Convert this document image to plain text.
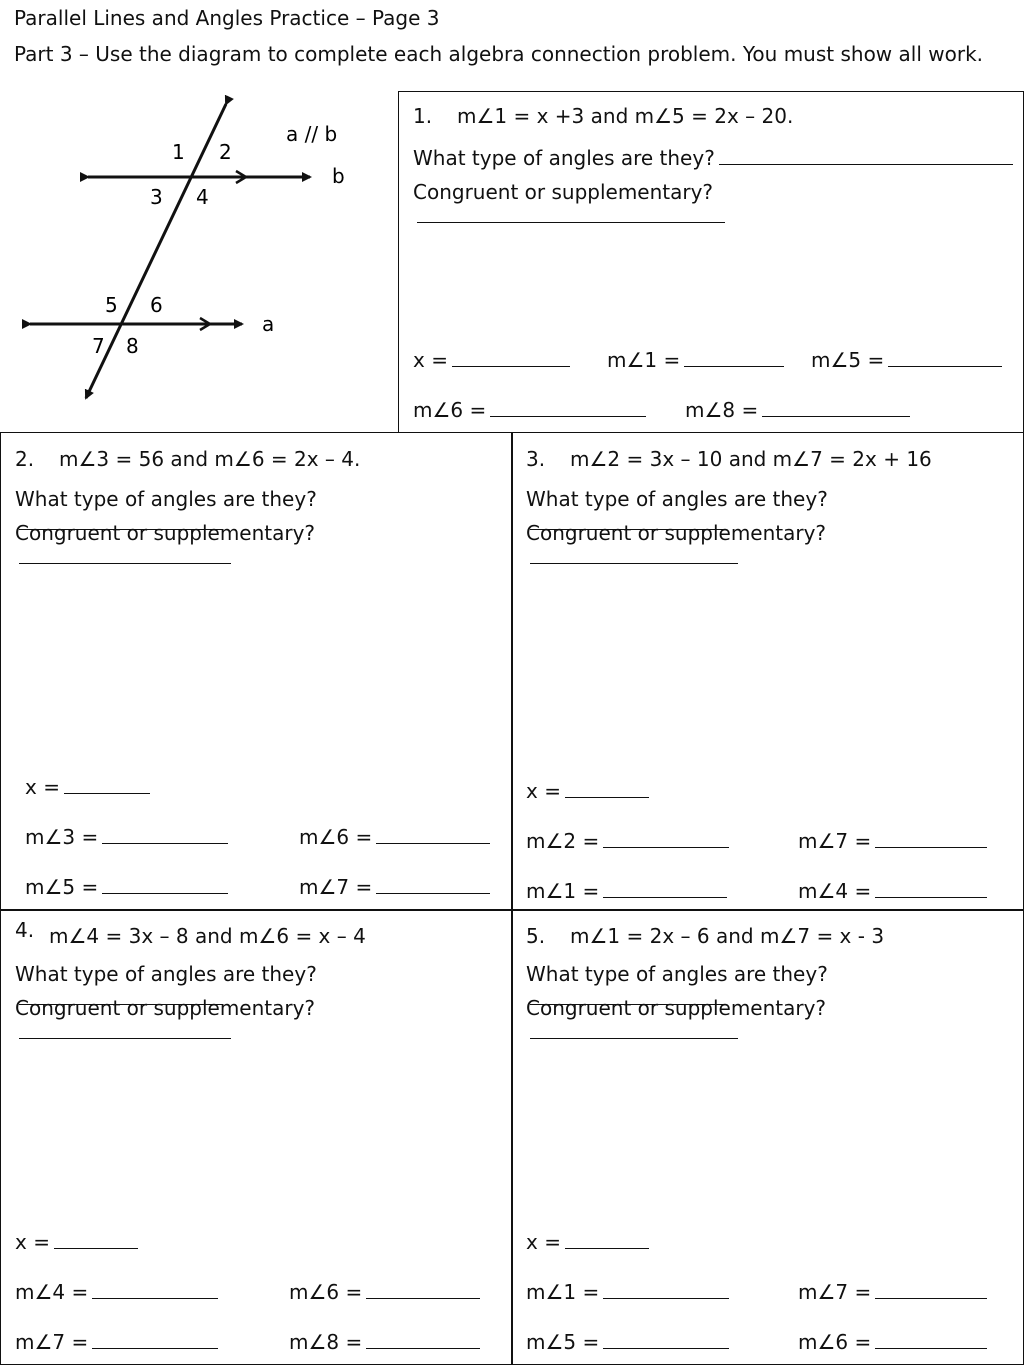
Parallel Lines and Angles Practice – Page 3
Part 3 – Use the diagram to complete each algebra connection problem. You must show all work.
a // b
b
a
1 2
3 4
5 6
7 8
1. m∠1 = x +3 and m∠5 = 2x – 20.
What type of angles are they?
Congruent or supplementary?
x =	m∠1 =	m∠5 =
m∠6 =	m∠8 =
2. m∠3 = 56 and m∠6 = 2x – 4.
What type of angles are they?
Congruent or supplementary?
x =
m∠3 =	m∠6 =
m∠5 =	m∠7 =
3. m∠2 = 3x – 10 and m∠7 = 2x + 16
What type of angles are they?
Congruent or supplementary?
x =
m∠2 =	m∠7 =
m∠1 =	m∠4 =
4. m∠4 = 3x – 8 and m∠6 = x – 4
What type of angles are they?
Congruent or supplementary?
x =
m∠4 =	m∠6 =
m∠7 =	m∠8 =
5. m∠1 = 2x – 6 and m∠7 = x - 3
What type of angles are they?
Congruent or supplementary?
x =
m∠1 =	m∠7 =
m∠5 =	m∠6 =
